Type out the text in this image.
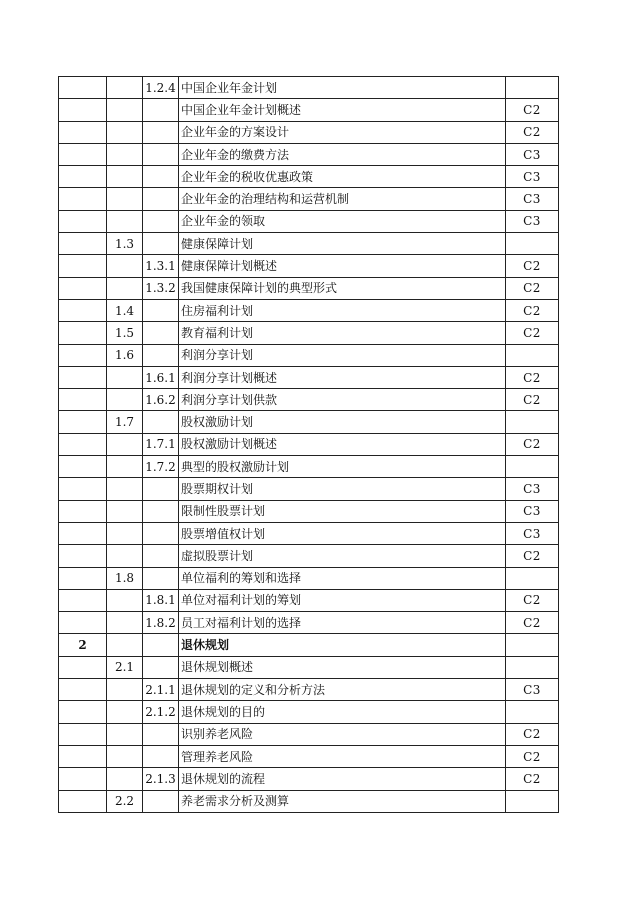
		1.2.4	中国企业年金计划	
			中国企业年金计划概述	C2
			企业年金的方案设计	C2
			企业年金的缴费方法	C3
			企业年金的税收优惠政策	C3
			企业年金的治理结构和运营机制	C3
			企业年金的领取	C3
	1.3		健康保障计划	
		1.3.1	健康保障计划概述	C2
		1.3.2	我国健康保障计划的典型形式	C2
	1.4		住房福利计划	C2
	1.5		教育福利计划	C2
	1.6		利润分享计划	
		1.6.1	利润分享计划概述	C2
		1.6.2	利润分享计划供款	C2
	1.7		股权激励计划	
		1.7.1	股权激励计划概述	C2
		1.7.2	典型的股权激励计划	
			股票期权计划	C3
			限制性股票计划	C3
			股票增值权计划	C3
			虚拟股票计划	C2
	1.8		单位福利的筹划和选择	
		1.8.1	单位对福利计划的筹划	C2
		1.8.2	员工对福利计划的选择	C2
2			退休规划	
	2.1		退休规划概述	
		2.1.1	退休规划的定义和分析方法	C3
		2.1.2	退休规划的目的	
			识别养老风险	C2
			管理养老风险	C2
		2.1.3	退休规划的流程	C2
	2.2		养老需求分析及测算	
